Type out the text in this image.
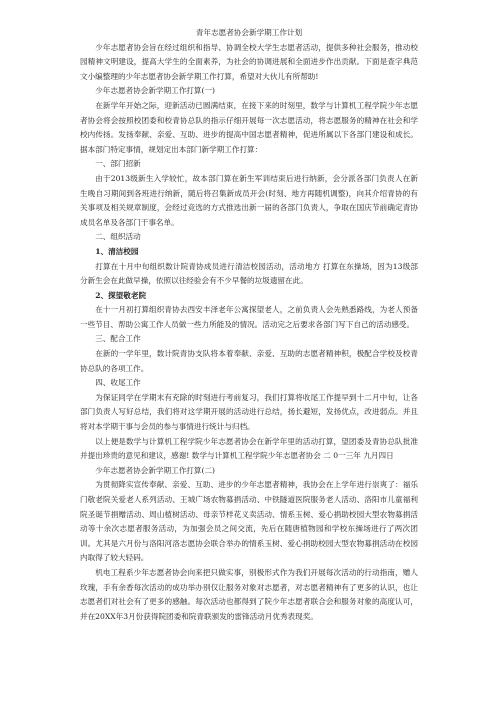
青年志愿者协会新学期工作计划

少年志愿者协会旨在经过组织和指导、协调全校大学生志愿者活动，提供多种社会服务，推动校园精神文明建设，提高大学生的全面素养，为社会的协调进展和全面进步作出贡献。下面是查字典范文小编整理的少年志愿者协会新学期工作打算，希望对大伙儿有所帮助!

少年志愿者协会新学期工作打算(一)

在新学年开始之际，迎新活动已圆满结束，在接下来的时刻里，数学与计算机工程学院少年志愿者协会将会按照校团委和校青协总队的指示仔细开展每一次志愿活动，将志愿服务的精神在社会和学校内传扬。发扬奉献、亲爱、互助、进步的提高中国志愿者精神，促进所属以下各部门建设和成长。据本部门特定事情，规划定出本部门新学期工作打算：

一、部门招新

由于2013级新生入学较忙，故本部门算在新生军训结束后进行纳新，会分派各部门负责人在新生晚自习期间到各班进行纳新，随后将召集新成员开会(时刻、地方再随机调整)，向其介绍青协的有关事项及相关规章制度，会经过竞选的方式推选出新一届的各部门负责人，争取在国庆节前确定青协成员名单及各部门干事名单。

二、组织活动

1、清洁校园

打算在十月中旬组织数计院青协成员进行清洁校园活动，活动地方 打算在东操场，因为13级部分新生会在此做早操，依照以往经验会有不少早餐的垃圾遗留在此。

2、探望敬老院

在十一月初打算组织青协去西安丰泽老年公寓探望老人，之前负责人会先熟悉路线，为老人预备一些节目、帮助公寓工作人员做一些力所能及的情况。活动完之后要求各部门写下自己的活动感受。

三、配合工作

在新的一学年里，数计院青协支队将本着奉献、亲爱、互助的志愿者精神积，极配合学校及校青协总队的各项工作。

四、收尾工作

为保证同学在学期末有充除的时刻进行考前复习，我们打算将收尾工作提早到十二月中旬，让各部门负责人写好总结，我们将对这学期开展的活动进行总结，扬长避短，发扬优点，改进弱点。并且将对本学期干事与会员的参与事情进行统计与归档。

以上便是数学与计算机工程学院少年志愿者协会在新学年里的活动打算，望团委及青协总队批准并提出珍贵的意见和建议，感谢! 数学与计算机工程学院少年志愿者协会 二 0一三年 九月四日

少年志愿者协会新学期工作打算(二)

为贯彻降实宣传奉献、亲爱、互助、进步的少年志愿者精神，我协会在上学年进行崇爽了：福乐门敬老院关爱老人系列活动、王城广场农物募捐活动、中铁隧道医院服务老人活动、洛阳市儿童福利院圣诞节捐赠活动、周山植树活动、母亲节样花义卖活动、情系玉树、爱心捐助校园大型农物募捐活动等十余次志愿者服务活动，为加强会员之间交流，先后在随唐植物园和学校东操场进行了两次团训。尤其是六月份与洛阳河洛志愿协会联合举办的情系玉树、爱心捐助校园大型农物募捐活动在校园内取得了较大轻码。

机电工程系少年志愿者协会向来把只做实事，别极形式作为我们开展每次活动的行动指南，赠人玫瑰，手有余香每次活动的成功举办别仅让服务对象对志愿者，对志愿者精神有了更多的认识，也让志愿者们对社会有了更多的感触。每次活动也都得到了院少年志愿者联合会和服务对象的高度认可，并在20XX年3月份获得院团委和院青联颁发的雷锋活动月优秀表现奖。
